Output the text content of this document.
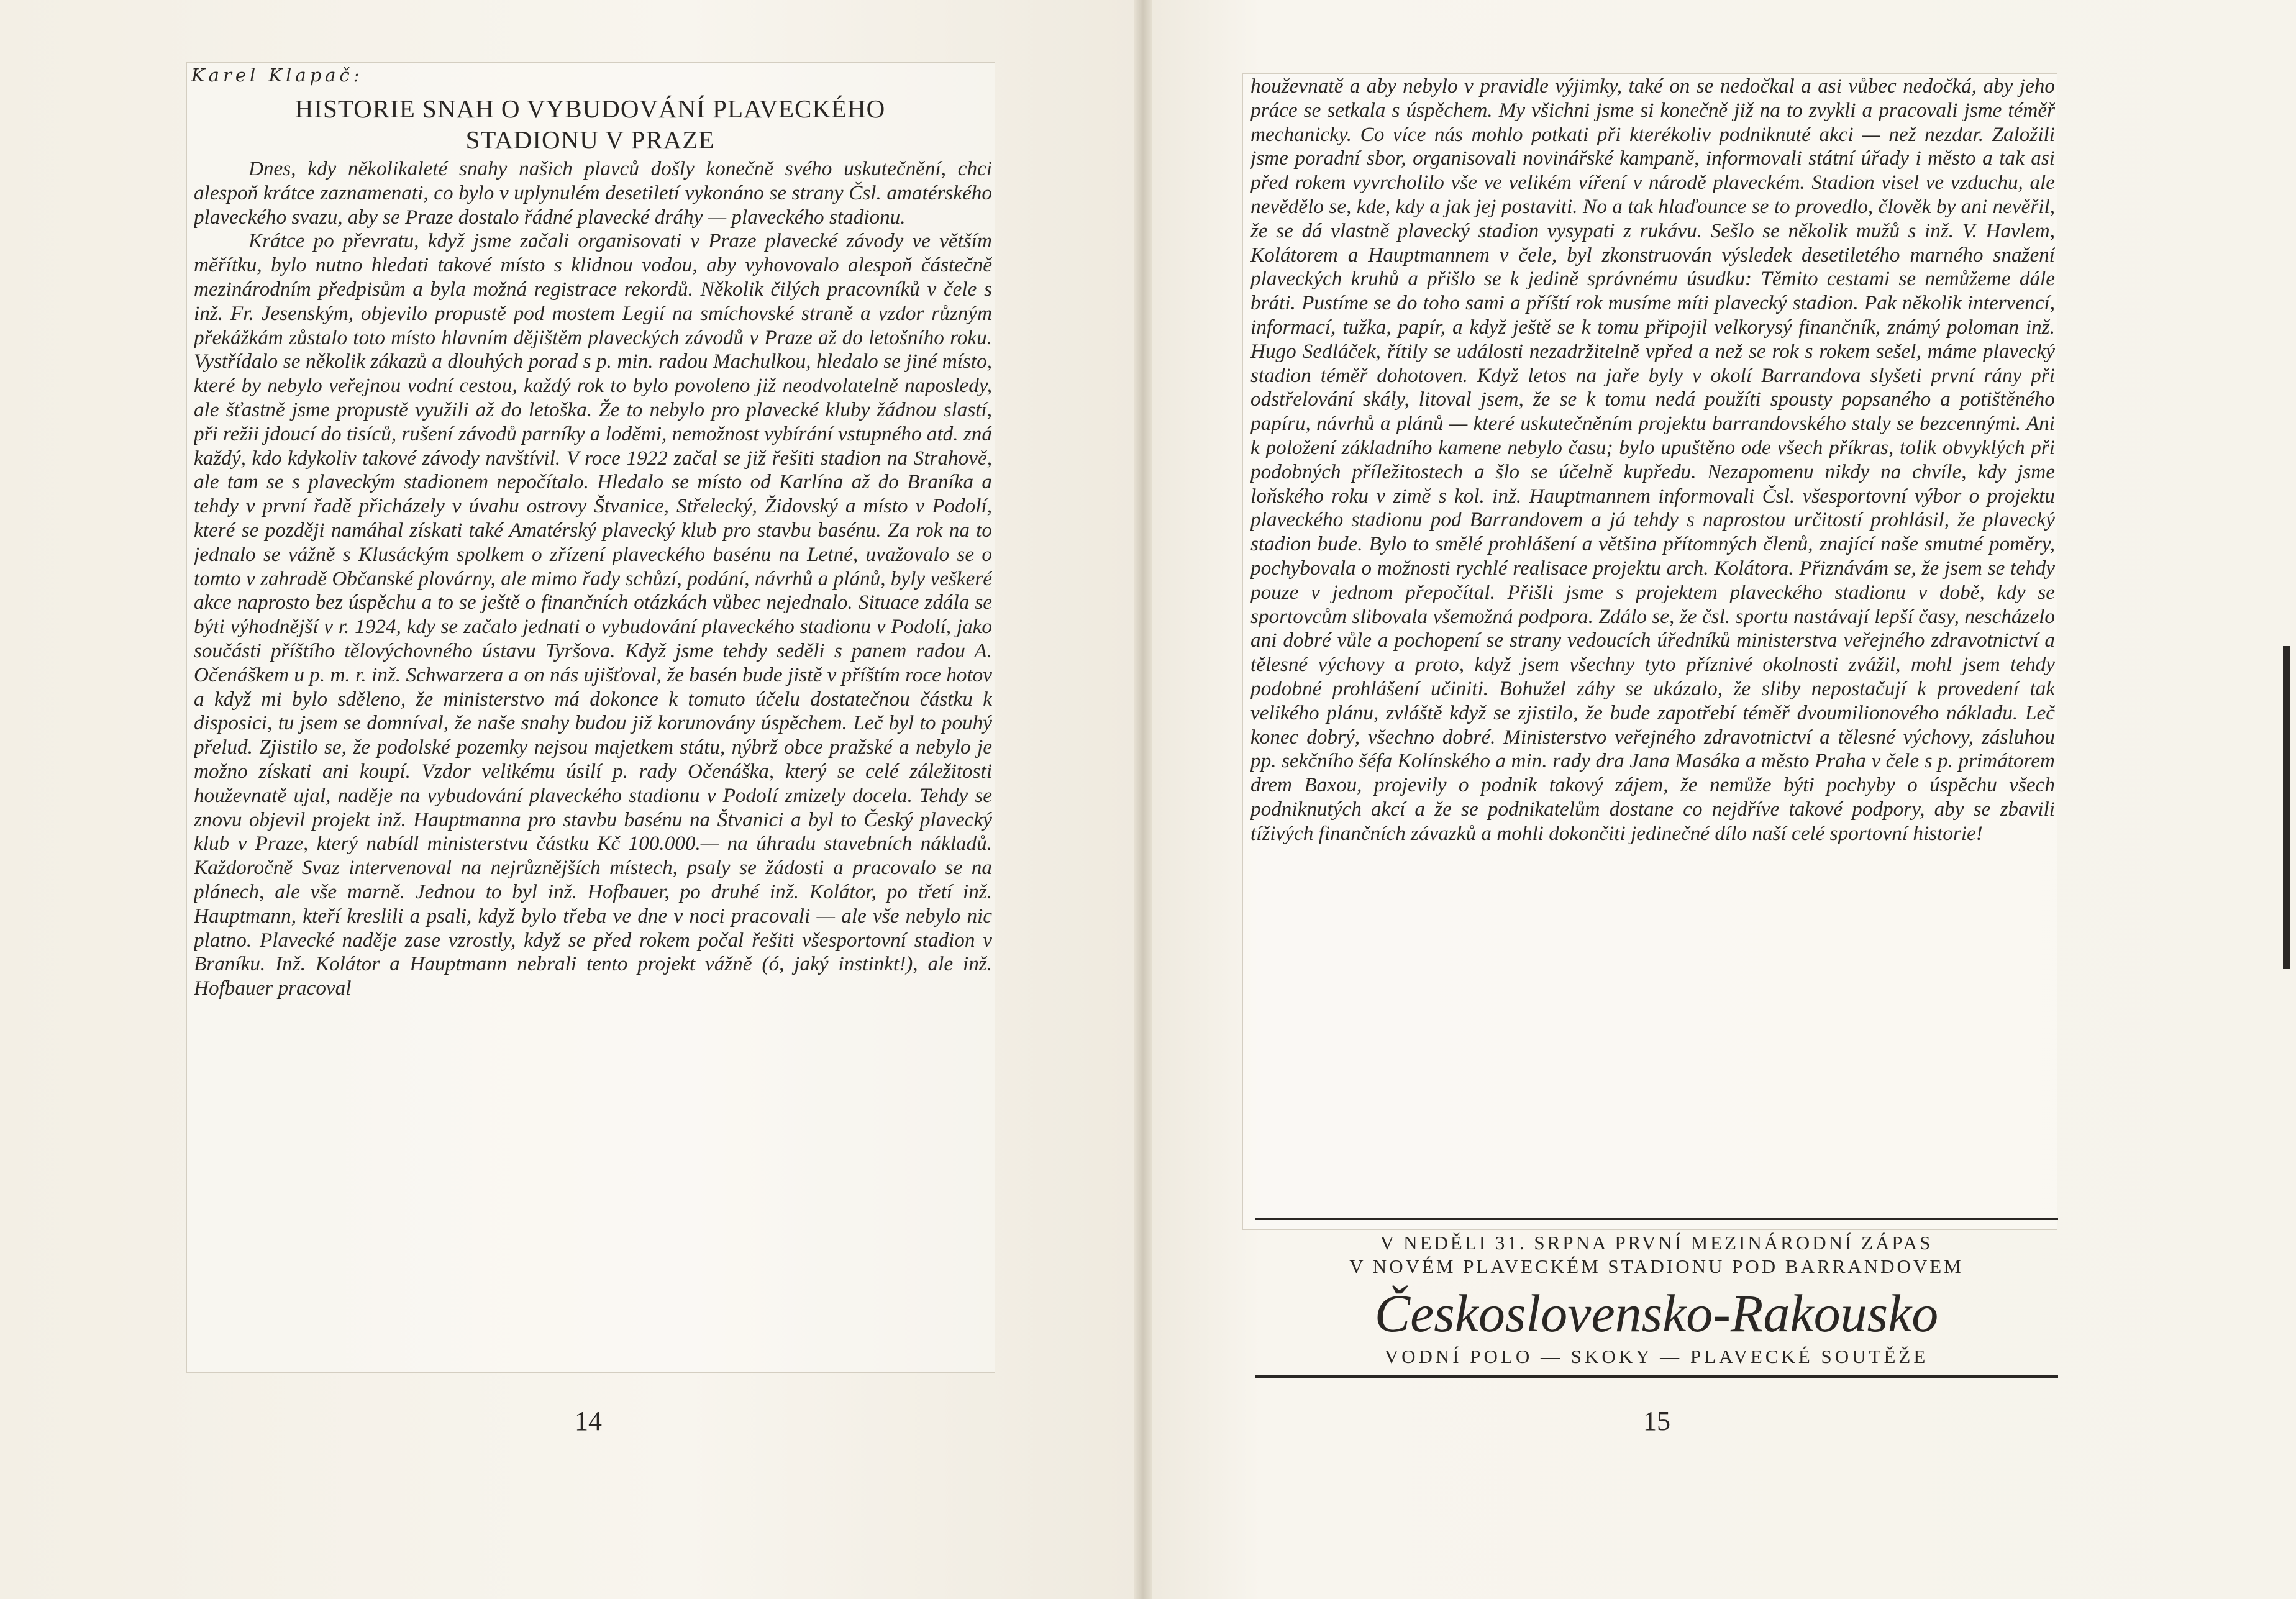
Karel Klapač:
HISTORIE SNAH O VYBUDOVÁNÍ PLAVECKÉHO
STADIONU V PRAZE

Dnes, kdy několikaleté snahy našich plavců došly konečně svého uskutečnění, chci alespoň krátce zaznamenati, co bylo v uplynulém desetiletí vykonáno se strany Čsl. amatérského plaveckého svazu, aby se Praze dostalo řádné plavecké dráhy — plaveckého stadionu.

Krátce po převratu, když jsme začali organisovati v Praze plavecké závody ve větším měřítku, bylo nutno hledati takové místo s klidnou vodou, aby vyhovovalo alespoň částečně mezinárodním předpisům a byla možná registrace rekordů. Několik čilých pracovníků v čele s inž. Fr. Jesenským, objevilo propustě pod mostem Legií na smíchovské straně a vzdor různým překážkám zůstalo toto místo hlavním dějištěm plaveckých závodů v Praze až do letošního roku. Vystřídalo se několik zákazů a dlouhých porad s p. min. radou Machulkou, hledalo se jiné místo, které by nebylo veřejnou vodní cestou, každý rok to bylo povoleno již neodvolatelně naposledy, ale šťastně jsme propustě využili až do letoška. Že to nebylo pro plavecké kluby žádnou slastí, při režii jdoucí do tisíců, rušení závodů parníky a loděmi, nemožnost vybírání vstupného atd. zná každý, kdo kdykoliv takové závody navštívil. V roce 1922 začal se již řešiti stadion na Strahově, ale tam se s plaveckým stadionem nepočítalo. Hledalo se místo od Karlína až do Braníka a tehdy v první řadě přicházely v úvahu ostrovy Štvanice, Střelecký, Židovský a místo v Podolí, které se později namáhal získati také Amatérský plavecký klub pro stavbu basénu. Za rok na to jednalo se vážně s Klusáckým spolkem o zřízení plaveckého basénu na Letné, uvažovalo se o tomto v zahradě Občanské plovárny, ale mimo řady schůzí, podání, návrhů a plánů, byly veškeré akce naprosto bez úspěchu a to se ještě o finančních otázkách vůbec nejednalo. Situace zdála se býti výhodnější v r. 1924, kdy se začalo jednati o vybudování plaveckého stadionu v Podolí, jako součásti příštího tělovýchovného ústavu Tyršova. Když jsme tehdy seděli s panem radou A. Očenáškem u p. m. r. inž. Schwarzera a on nás ujišťoval, že basén bude jistě v příštím roce hotov a když mi bylo sděleno, že ministerstvo má dokonce k tomuto účelu dostatečnou částku k disposici, tu jsem se domníval, že naše snahy budou již korunovány úspěchem. Leč byl to pouhý přelud. Zjistilo se, že podolské pozemky nejsou majetkem státu, nýbrž obce pražské a nebylo je možno získati ani koupí. Vzdor velikému úsilí p. rady Očenáška, který se celé záležitosti houževnatě ujal, naděje na vybudování plaveckého stadionu v Podolí zmizely docela. Tehdy se znovu objevil projekt inž. Hauptmanna pro stavbu basénu na Štvanici a byl to Český plavecký klub v Praze, který nabídl ministerstvu částku Kč 100.000.— na úhradu stavebních nákladů. Každoročně Svaz intervenoval na nejrůznějších místech, psaly se žádosti a pracovalo se na plánech, ale vše marně. Jednou to byl inž. Hofbauer, po druhé inž. Kolátor, po třetí inž. Hauptmann, kteří kreslili a psali, když bylo třeba ve dne v noci pracovali — ale vše nebylo nic platno. Plavecké naděje zase vzrostly, když se před rokem počal řešiti všesportovní stadion v Braníku. Inž. Kolátor a Hauptmann nebrali tento projekt vážně (ó, jaký instinkt!), ale inž. Hofbauer pracoval

14

houževnatě a aby nebylo v pravidle výjimky, také on se nedočkal a asi vůbec nedočká, aby jeho práce se setkala s úspěchem. My všichni jsme si konečně již na to zvykli a pracovali jsme téměř mechanicky. Co více nás mohlo potkati při kterékoliv podniknuté akci — než nezdar. Založili jsme poradní sbor, organisovali novinářské kampaně, informovali státní úřady i město a tak asi před rokem vyvrcholilo vše ve velikém víření v národě plaveckém. Stadion visel ve vzduchu, ale nevědělo se, kde, kdy a jak jej postaviti. No a tak hlaďounce se to provedlo, člověk by ani nevěřil, že se dá vlastně plavecký stadion vysypati z rukávu. Sešlo se několik mužů s inž. V. Havlem, Kolátorem a Hauptmannem v čele, byl zkonstruován výsledek desetiletého marného snažení plaveckých kruhů a přišlo se k jedině správnému úsudku: Těmito cestami se nemůžeme dále bráti. Pustíme se do toho sami a příští rok musíme míti plavecký stadion. Pak několik intervencí, informací, tužka, papír, a když ještě se k tomu připojil velkorysý finančník, známý poloman inž. Hugo Sedláček, řítily se události nezadržitelně vpřed a než se rok s rokem sešel, máme plavecký stadion téměř dohotoven. Když letos na jaře byly v okolí Barrandova slyšeti první rány při odstřelování skály, litoval jsem, že se k tomu nedá použíti spousty popsaného a potištěného papíru, návrhů a plánů — které uskutečněním projektu barrandovského staly se bezcennými. Ani k položení základního kamene nebylo času; bylo upuštěno ode všech příkras, tolik obvyklých při podobných příležitostech a šlo se účelně kupředu. Nezapomenu nikdy na chvíle, kdy jsme loňského roku v zimě s kol. inž. Hauptmannem informovali Čsl. všesportovní výbor o projektu plaveckého stadionu pod Barrandovem a já tehdy s naprostou určitostí prohlásil, že plavecký stadion bude. Bylo to smělé prohlášení a většina přítomných členů, znající naše smutné poměry, pochybovala o možnosti rychlé realisace projektu arch. Kolátora. Přiznávám se, že jsem se tehdy pouze v jednom přepočítal. Přišli jsme s projektem plaveckého stadionu v době, kdy se sportovcům slibovala všemožná podpora. Zdálo se, že čsl. sportu nastávají lepší časy, nescházelo ani dobré vůle a pochopení se strany vedoucích úředníků ministerstva veřejného zdravotnictví a tělesné výchovy a proto, když jsem všechny tyto příznivé okolnosti zvážil, mohl jsem tehdy podobné prohlášení učiniti. Bohužel záhy se ukázalo, že sliby nepostačují k provedení tak velikého plánu, zvláště když se zjistilo, že bude zapotřebí téměř dvoumilionového nákladu. Leč konec dobrý, všechno dobré. Ministerstvo veřejného zdravotnictví a tělesné výchovy, zásluhou pp. sekčního šéfa Kolínského a min. rady dra Jana Masáka a město Praha v čele s p. primátorem drem Baxou, projevily o podnik takový zájem, že nemůže býti pochyby o úspěchu všech podniknutých akcí a že se podnikatelům dostane co nejdříve takové podpory, aby se zbavili tíživých finančních závazků a mohli dokončiti jedinečné dílo naší celé sportovní historie!

V NEDĚLI 31. SRPNA PRVNÍ MEZINÁRODNÍ ZÁPAS
V NOVÉM PLAVECKÉM STADIONU POD BARRANDOVEM
Československo-Rakousko
VODNÍ POLO — SKOKY — PLAVECKÉ SOUTĚŽE
15
